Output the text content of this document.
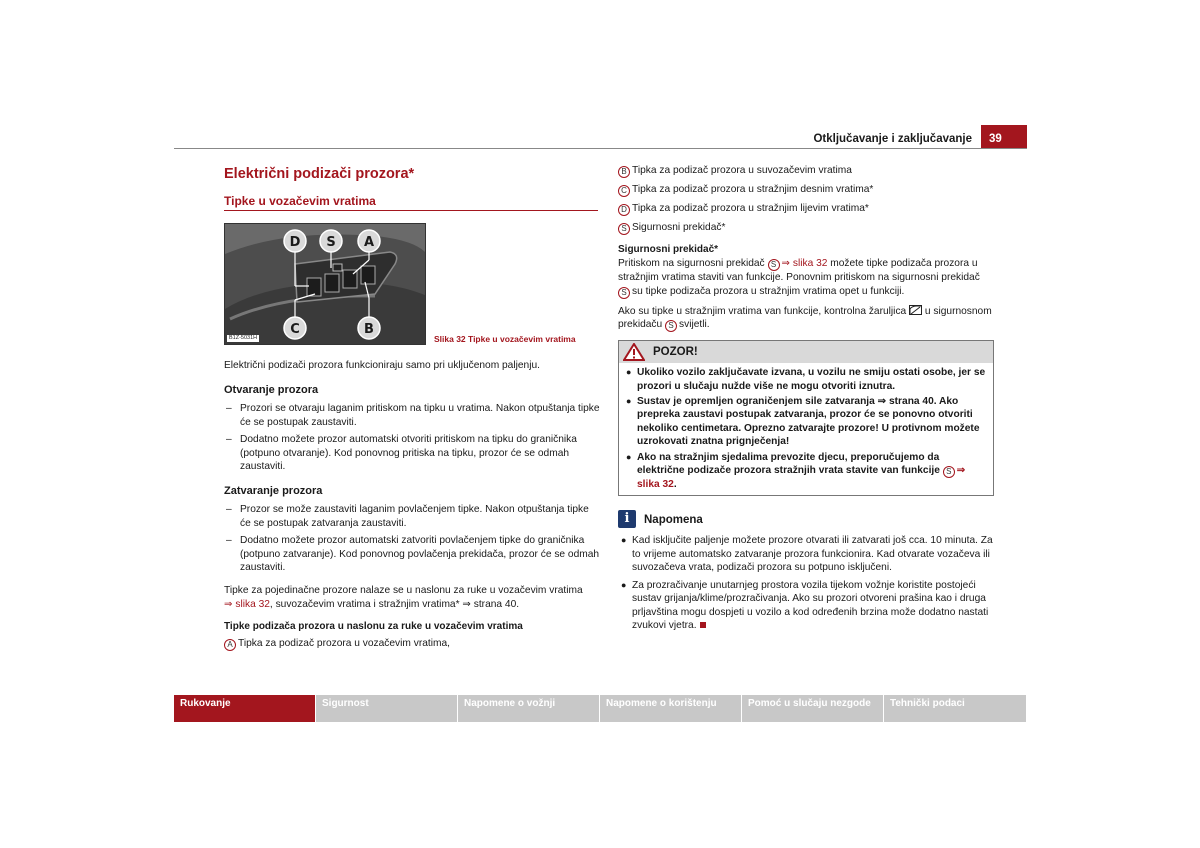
Otključavanje i zaključavanje	39
Električni podizači prozora*
Tipke u vozačevim vratima
D S A
C	B
B1Z-5031H	Slika 32 Tipke u vozačevim vratima

Električni podizači prozora funkcioniraju samo pri uključenom paljenju.

Otvaranje prozora
– Prozori se otvaraju laganim pritiskom na tipku u vratima. Nakon otpuštanja tipke će se postupak zaustaviti.
– Dodatno možete prozor automatski otvoriti pritiskom na tipku do graničnika (potpuno otvaranje). Kod ponovnog pritiska na tipku, prozor će se odmah zaustaviti.
Zatvaranje prozora
– Prozor se može zaustaviti laganim povlačenjem tipke. Nakon otpuštanja tipke će se postupak zatvaranja zaustaviti.
– Dodatno možete prozor automatski zatvoriti povlačenjem tipke do graničnika (potpuno zatvaranje). Kod ponovnog povlačenja prekidača, prozor će se odmah zaustaviti.

Tipke za pojedinačne prozore nalaze se u naslonu za ruke u vozačevim vratima
⇒ slika 32, suvozačevim vratima i stražnjim vratima* ⇒ strana 40.

Tipke podizača prozora u naslonu za ruke u vozačevim vratima
A Tipka za podizač prozora u vozačevim vratima,
B Tipka za podizač prozora u suvozačevim vratima
C Tipka za podizač prozora u stražnjim desnim vratima*
D Tipka za podizač prozora u stražnjim lijevim vratima*
S Sigurnosni prekidač*
Sigurnosni prekidač*

Pritiskom na sigurnosni prekidač S ⇒ slika 32 možete tipke podizača prozora u stražnjim vratima staviti van funkcije. Ponovnim pritiskom na sigurnosni prekidač S su tipke podizača prozora u stražnjim vratima opet u funkciji.

Ako su tipke u stražnjim vratima van funkcije, kontrolna žaruljica u sigurnosnom prekidaču S svijetli.

POZOR!
● Ukoliko vozilo zaključavate izvana, u vozilu ne smiju ostati osobe, jer se prozori u slučaju nužde više ne mogu otvoriti iznutra.
● Sustav je opremljen ograničenjem sile zatvaranja ⇒ strana 40. Ako prepreka zaustavi postupak zatvaranja, prozor će se ponovno otvoriti nekoliko centimetara. Oprezno zatvarajte prozore! U protivnom možete uzrokovati znatna prignječenja!
● Ako na stražnjim sjedalima prevozite djecu, preporučujemo da električne podizače prozora stražnjih vrata stavite van funkcije S ⇒ slika 32.
i	Napomena
● Kad isključite paljenje možete prozore otvarati ili zatvarati još cca. 10 minuta. Za to vrijeme automatsko zatvaranje prozora funkcionira. Kad otvarate vozačeva ili suvozačeva vrata, podizači prozora su potpuno isključeni.
● Za prozračivanje unutarnjeg prostora vozila tijekom vožnje koristite postojeći sustav grijanja/klime/prozračivanja. Ako su prozori otvoreni prašina kao i druga prljavština mogu dospjeti u vozilo a kod određenih brzina može dodatno nastati zvukovi vjetra.
Rukovanje	Sigurnost	Napomene o vožnji	Napomene o korištenju	Pomoć u slučaju nezgode	Tehnički podaci
